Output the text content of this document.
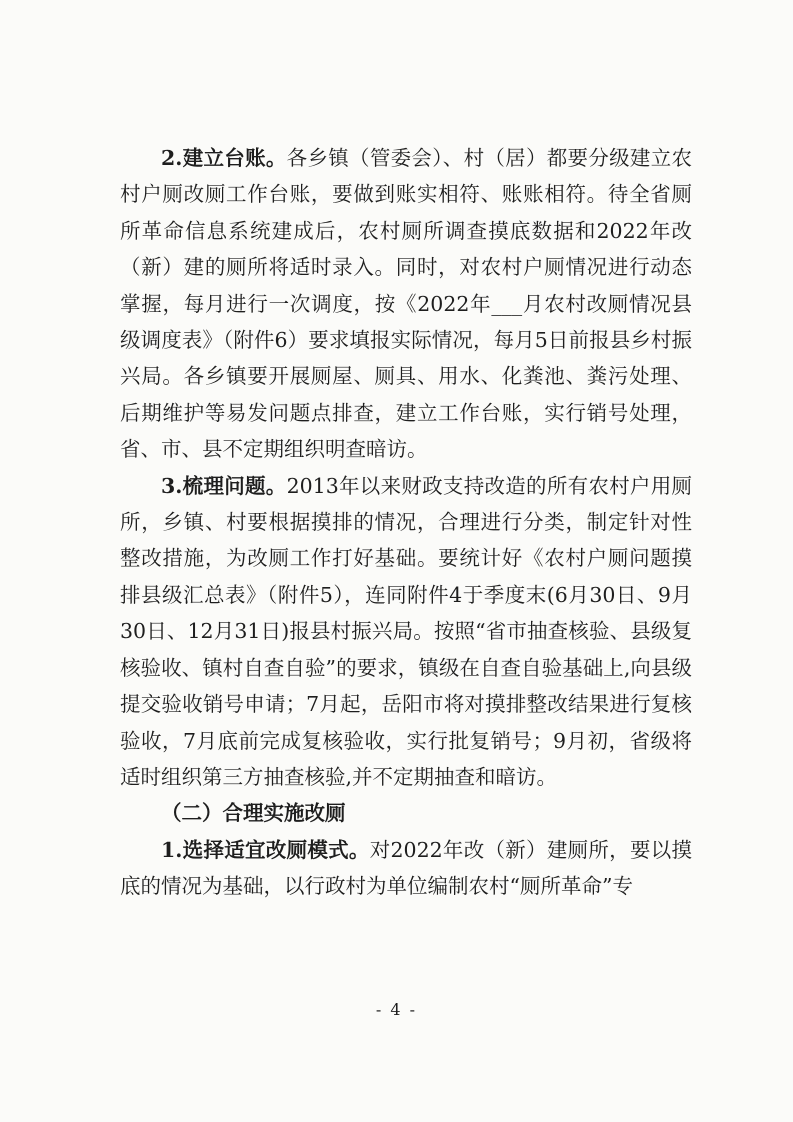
2.建立台账。各乡镇（管委会）、村（居）都要分级建立农村户厕改厕工作台账，要做到账实相符、账账相符。待全省厕所革命信息系统建成后，农村厕所调查摸底数据和2022年改（新）建的厕所将适时录入。同时，对农村户厕情况进行动态掌握，每月进行一次调度，按《2022年___月农村改厕情况县级调度表》（附件6）要求填报实际情况，每月5日前报县乡村振兴局。各乡镇要开展厕屋、厕具、用水、化粪池、粪污处理、后期维护等易发问题点排查，建立工作台账，实行销号处理，省、市、县不定期组织明查暗访。

3.梳理问题。2013年以来财政支持改造的所有农村户用厕所，乡镇、村要根据摸排的情况，合理进行分类，制定针对性整改措施，为改厕工作打好基础。要统计好《农村户厕问题摸排县级汇总表》（附件5），连同附件4于季度末(6月30日、9月30日、12月31日)报县村振兴局。按照“省市抽查核验、县级复核验收、镇村自查自验”的要求，镇级在自查自验基础上,向县级提交验收销号申请；7月起，岳阳市将对摸排整改结果进行复核验收，7月底前完成复核验收，实行批复销号；9月初，省级将适时组织第三方抽查核验,并不定期抽查和暗访。

（二）合理实施改厕

1.选择适宜改厕模式。对2022年改（新）建厕所，要以摸底的情况为基础，以行政村为单位编制农村“厕所革命”专

- 4 -
